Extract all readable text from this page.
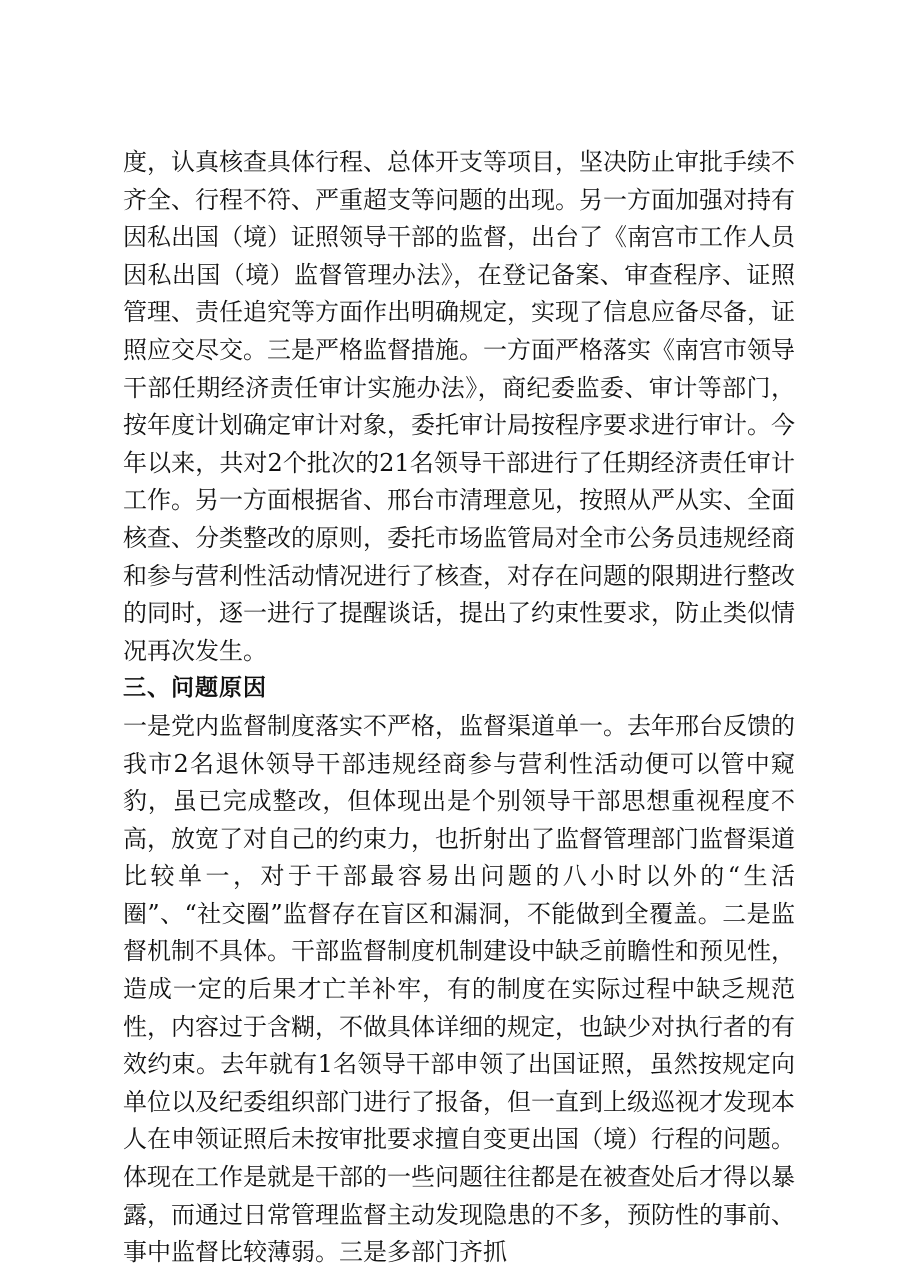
度，认真核查具体行程、总体开支等项目，坚决防止审批手续不齐全、行程不符、严重超支等问题的出现。另一方面加强对持有因私出国（境）证照领导干部的监督，出台了《南宫市工作人员因私出国（境）监督管理办法》，在登记备案、审查程序、证照管理、责任追究等方面作出明确规定，实现了信息应备尽备，证照应交尽交。三是严格监督措施。一方面严格落实《南宫市领导干部任期经济责任审计实施办法》，商纪委监委、审计等部门，按年度计划确定审计对象，委托审计局按程序要求进行审计。今年以来，共对2个批次的21名领导干部进行了任期经济责任审计工作。另一方面根据省、邢台市清理意见，按照从严从实、全面核查、分类整改的原则，委托市场监管局对全市公务员违规经商和参与营利性活动情况进行了核查，对存在问题的限期进行整改的同时，逐一进行了提醒谈话，提出了约束性要求，防止类似情况再次发生。

三、问题原因

一是党内监督制度落实不严格，监督渠道单一。去年邢台反馈的我市2名退休领导干部违规经商参与营利性活动便可以管中窥豹，虽已完成整改，但体现出是个别领导干部思想重视程度不高，放宽了对自己的约束力，也折射出了监督管理部门监督渠道比较单一，对于干部最容易出问题的八小时以外的“生活圈”、“社交圈”监督存在盲区和漏洞，不能做到全覆盖。二是监督机制不具体。干部监督制度机制建设中缺乏前瞻性和预见性，造成一定的后果才亡羊补牢，有的制度在实际过程中缺乏规范性，内容过于含糊，不做具体详细的规定，也缺少对执行者的有效约束。去年就有1名领导干部申领了出国证照，虽然按规定向单位以及纪委组织部门进行了报备，但一直到上级巡视才发现本人在申领证照后未按审批要求擅自变更出国（境）行程的问题。体现在工作是就是干部的一些问题往往都是在被查处后才得以暴露，而通过日常管理监督主动发现隐患的不多，预防性的事前、事中监督比较薄弱。三是多部门齐抓
